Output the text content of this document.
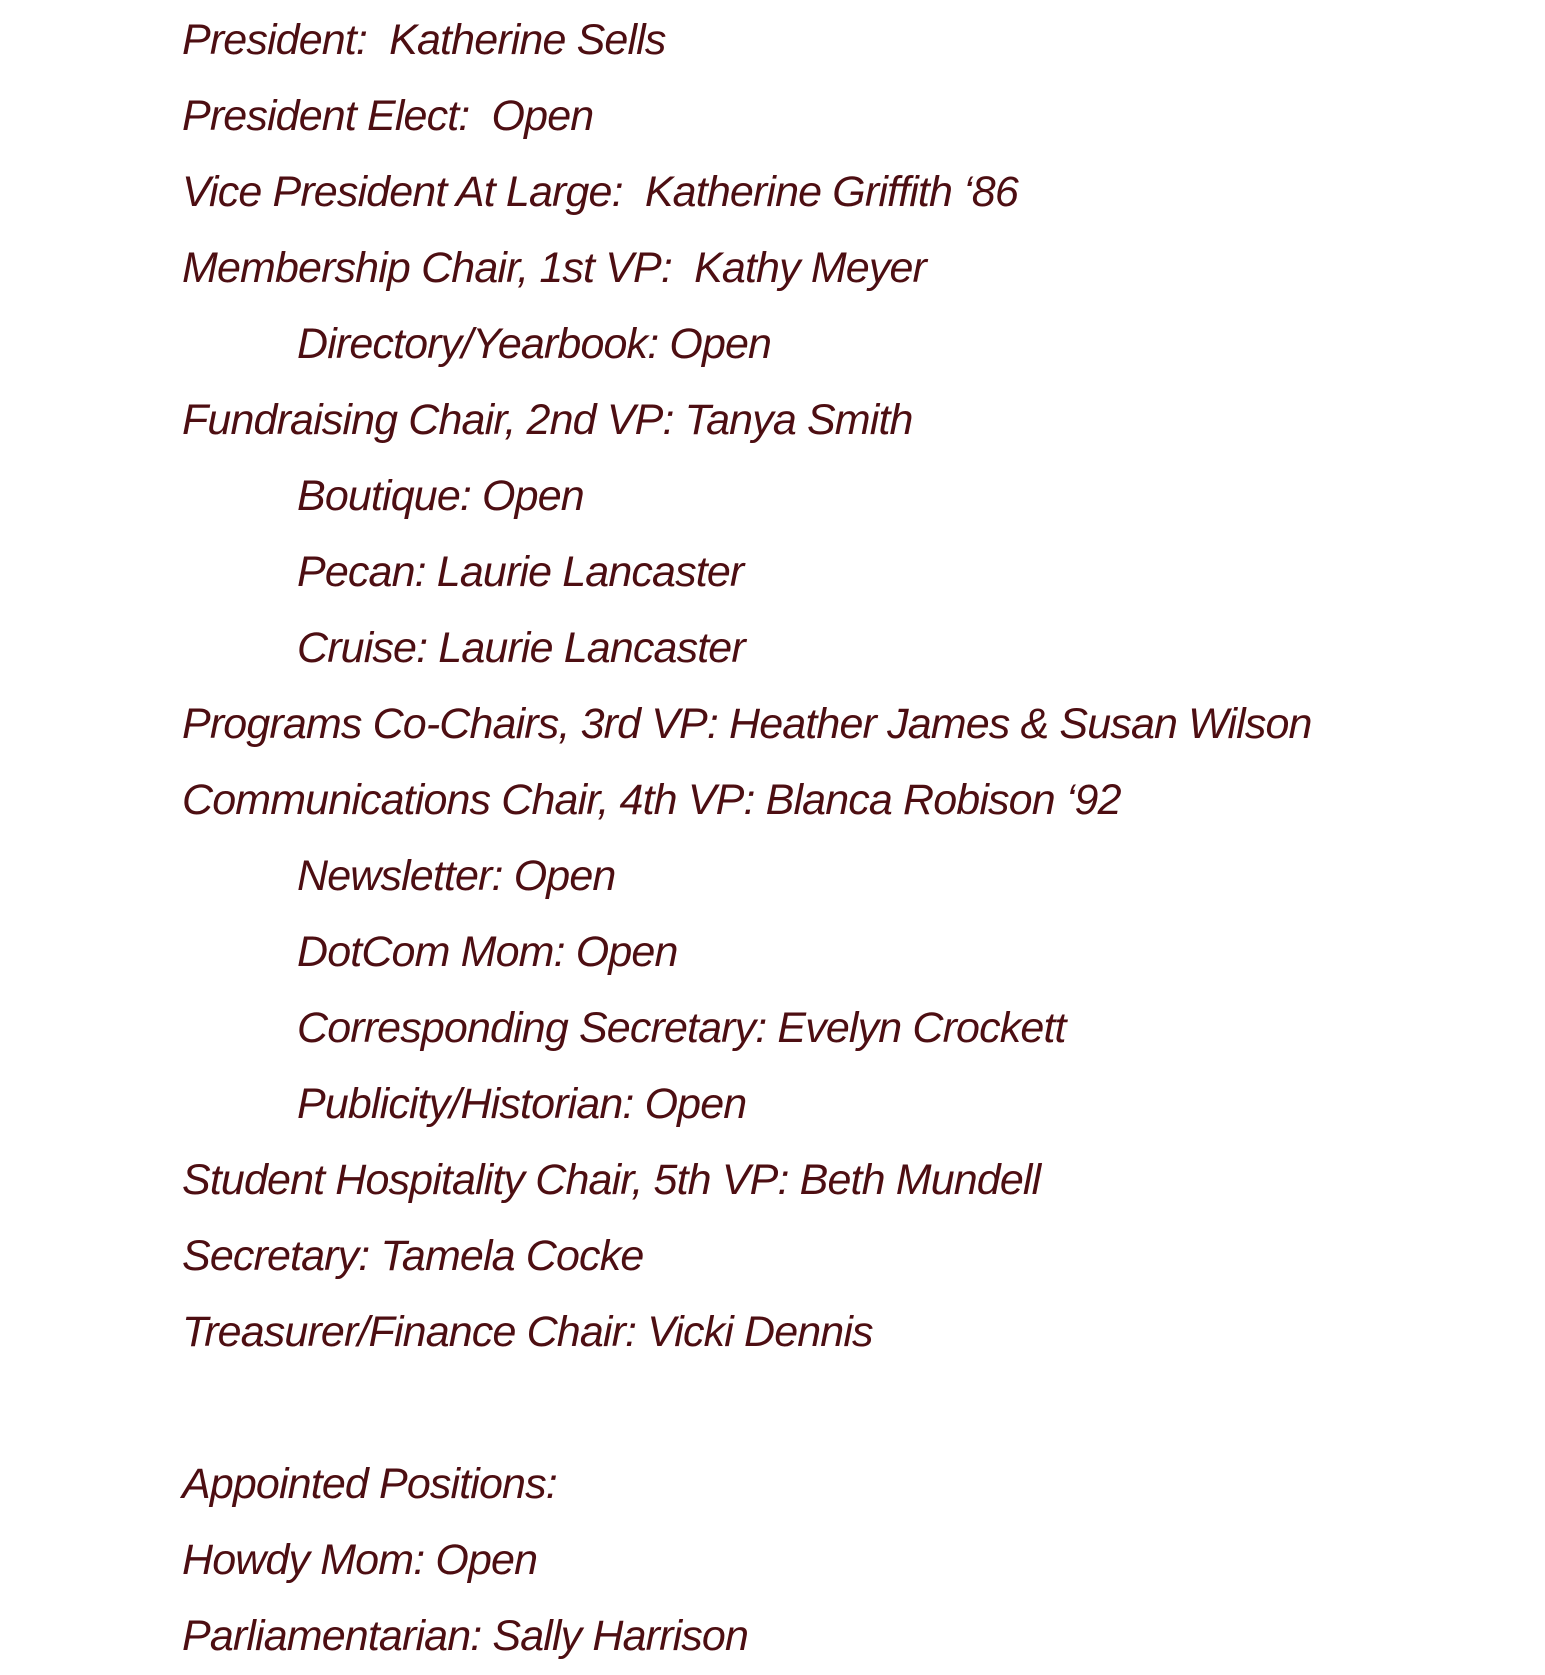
President:  Katherine Sells
President Elect:  Open
Vice President At Large:  Katherine Griffith ‘86
Membership Chair, 1st VP:  Kathy Meyer
Directory/Yearbook: Open
Fundraising Chair, 2nd VP: Tanya Smith
Boutique: Open
Pecan: Laurie Lancaster
Cruise: Laurie Lancaster
Programs Co-Chairs, 3rd VP: Heather James & Susan Wilson
Communications Chair, 4th VP: Blanca Robison ‘92
Newsletter: Open
DotCom Mom: Open
Corresponding Secretary: Evelyn Crockett
Publicity/Historian: Open
Student Hospitality Chair, 5th VP: Beth Mundell
Secretary: Tamela Cocke
Treasurer/Finance Chair: Vicki Dennis
Appointed Positions:
Howdy Mom: Open
Parliamentarian: Sally Harrison
